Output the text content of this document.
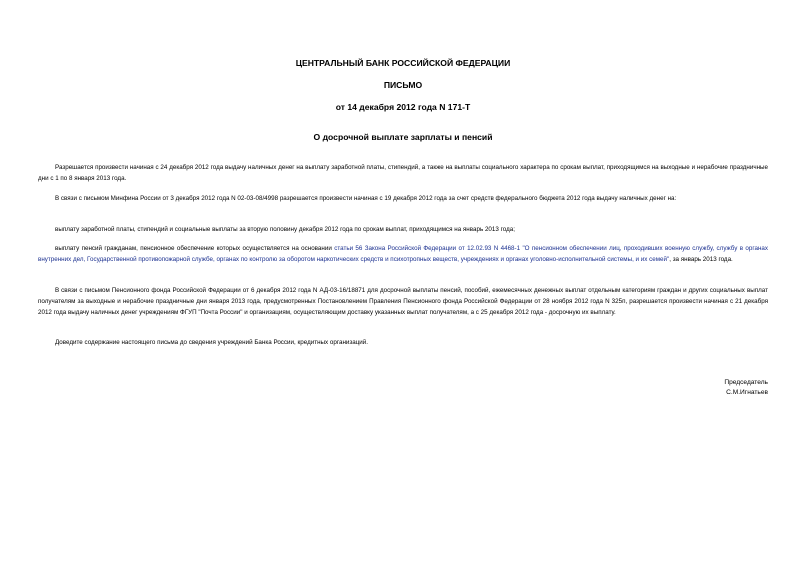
ЦЕНТРАЛЬНЫЙ БАНК РОССИЙСКОЙ ФЕДЕРАЦИИ
ПИСЬМО
от 14 декабря 2012 года N 171-Т
О досрочной выплате зарплаты и пенсий

Разрешается произвести начиная с 24 декабря 2012 года выдачу наличных денег на выплату заработной платы, стипендий, а также на выплаты социального характера по срокам выплат, приходящимся на выходные и нерабочие праздничные дни с 1 по 8 января 2013 года.

В связи с письмом Минфина России от 3 декабря 2012 года N 02-03-08/4998 разрешается произвести начиная с 19 декабря 2012 года за счет средств федерального бюджета 2012 года выдачу наличных денег на:

выплату заработной платы, стипендий и социальные выплаты за вторую половину декабря 2012 года по срокам выплат, приходящимся на январь 2013 года;

выплату пенсий гражданам, пенсионное обеспечение которых осуществляется на основании статьи 56 Закона Российской Федерации от 12.02.93 N 4468-1 "О пенсионном обеспечении лиц, проходивших военную службу, службу в органах внутренних дел, Государственной противопожарной службе, органах по контролю за оборотом наркотических средств и психотропных веществ, учреждениях и органах уголовно-исполнительной системы, и их семей", за январь 2013 года.

В связи с письмом Пенсионного фонда Российской Федерации от 6 декабря 2012 года N АД-03-16/18871 для досрочной выплаты пенсий, пособий, ежемесячных денежных выплат отдельным категориям граждан и других социальных выплат получателям за выходные и нерабочие праздничные дни января 2013 года, предусмотренных Постановлением Правления Пенсионного фонда Российской Федерации от 28 ноября 2012 года N 325п, разрешается произвести начиная с 21 декабря 2012 года выдачу наличных денег учреждениям ФГУП "Почта России" и организациям, осуществляющим доставку указанных выплат получателям, а с 25 декабря 2012 года - досрочную их выплату.

Доведите содержание настоящего письма до сведения учреждений Банка России, кредитных организаций.

Председатель
С.М.Игнатьев
